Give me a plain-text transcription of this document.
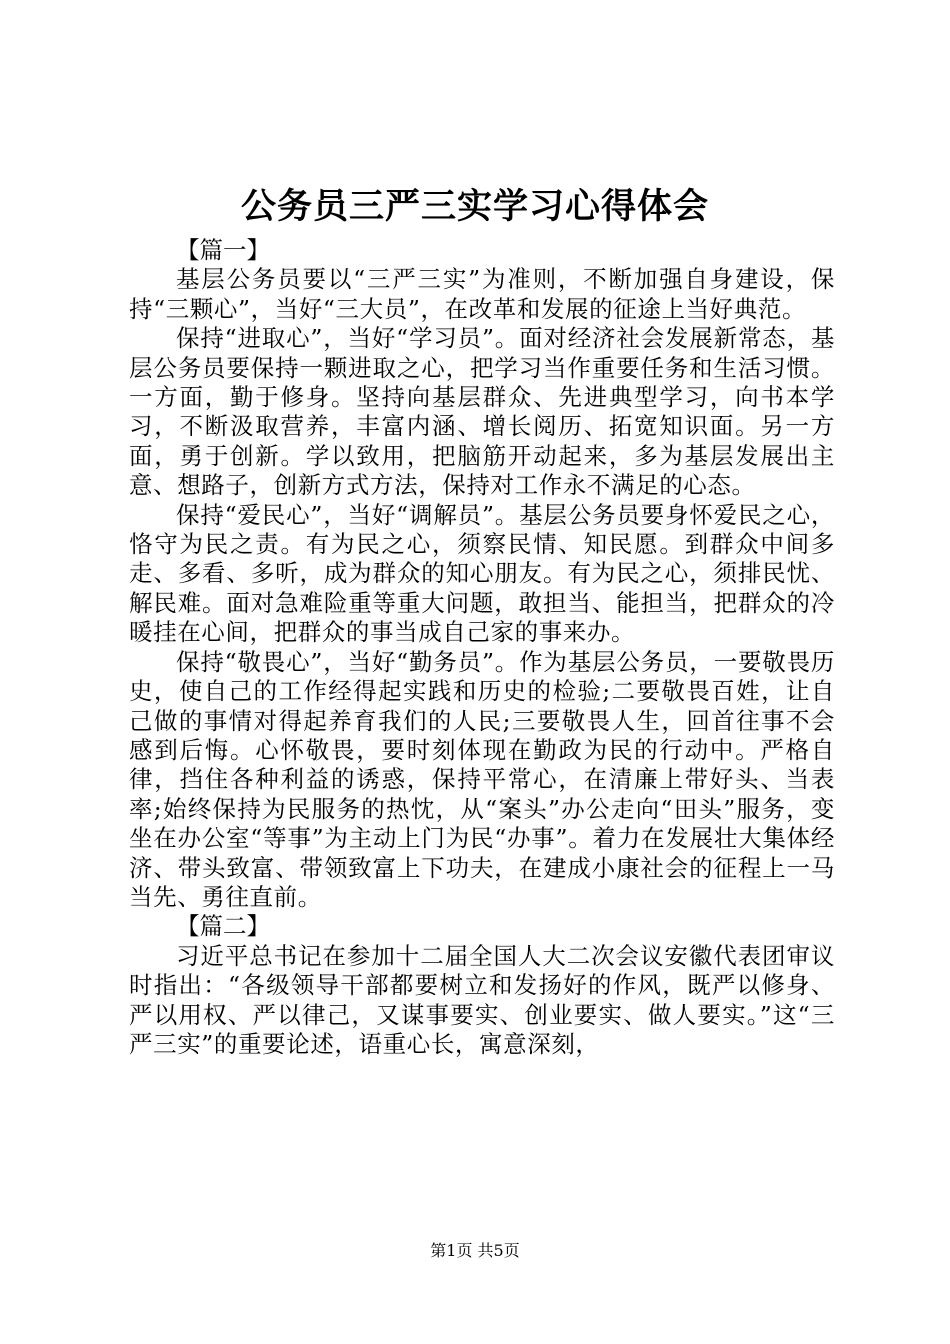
公务员三严三实学习心得体会

【篇一】

基层公务员要以“三严三实”为准则，不断加强自身建设，保持“三颗心”，当好“三大员”，在改革和发展的征途上当好典范。

保持“进取心”，当好“学习员”。面对经济社会发展新常态，基层公务员要保持一颗进取之心，把学习当作重要任务和生活习惯。一方面，勤于修身。坚持向基层群众、先进典型学习，向书本学习，不断汲取营养，丰富内涵、增长阅历、拓宽知识面。另一方面，勇于创新。学以致用，把脑筋开动起来，多为基层发展出主意、想路子，创新方式方法，保持对工作永不满足的心态。

保持“爱民心”，当好“调解员”。基层公务员要身怀爱民之心，恪守为民之责。有为民之心，须察民情、知民愿。到群众中间多走、多看、多听，成为群众的知心朋友。有为民之心，须排民忧、解民难。面对急难险重等重大问题，敢担当、能担当，把群众的冷暖挂在心间，把群众的事当成自己家的事来办。

保持“敬畏心”，当好“勤务员”。作为基层公务员，一要敬畏历史，使自己的工作经得起实践和历史的检验;二要敬畏百姓，让自己做的事情对得起养育我们的人民;三要敬畏人生，回首往事不会感到后悔。心怀敬畏，要时刻体现在勤政为民的行动中。严格自律，挡住各种利益的诱惑，保持平常心，在清廉上带好头、当表率;始终保持为民服务的热忱，从“案头”办公走向“田头”服务，变坐在办公室“等事”为主动上门为民“办事”。着力在发展壮大集体经济、带头致富、带领致富上下功夫，在建成小康社会的征程上一马当先、勇往直前。

【篇二】

习近平总书记在参加十二届全国人大二次会议安徽代表团审议时指出：“各级领导干部都要树立和发扬好的作风，既严以修身、严以用权、严以律己，又谋事要实、创业要实、做人要实。”这“三严三实”的重要论述，语重心长，寓意深刻，

第1页 共5页
